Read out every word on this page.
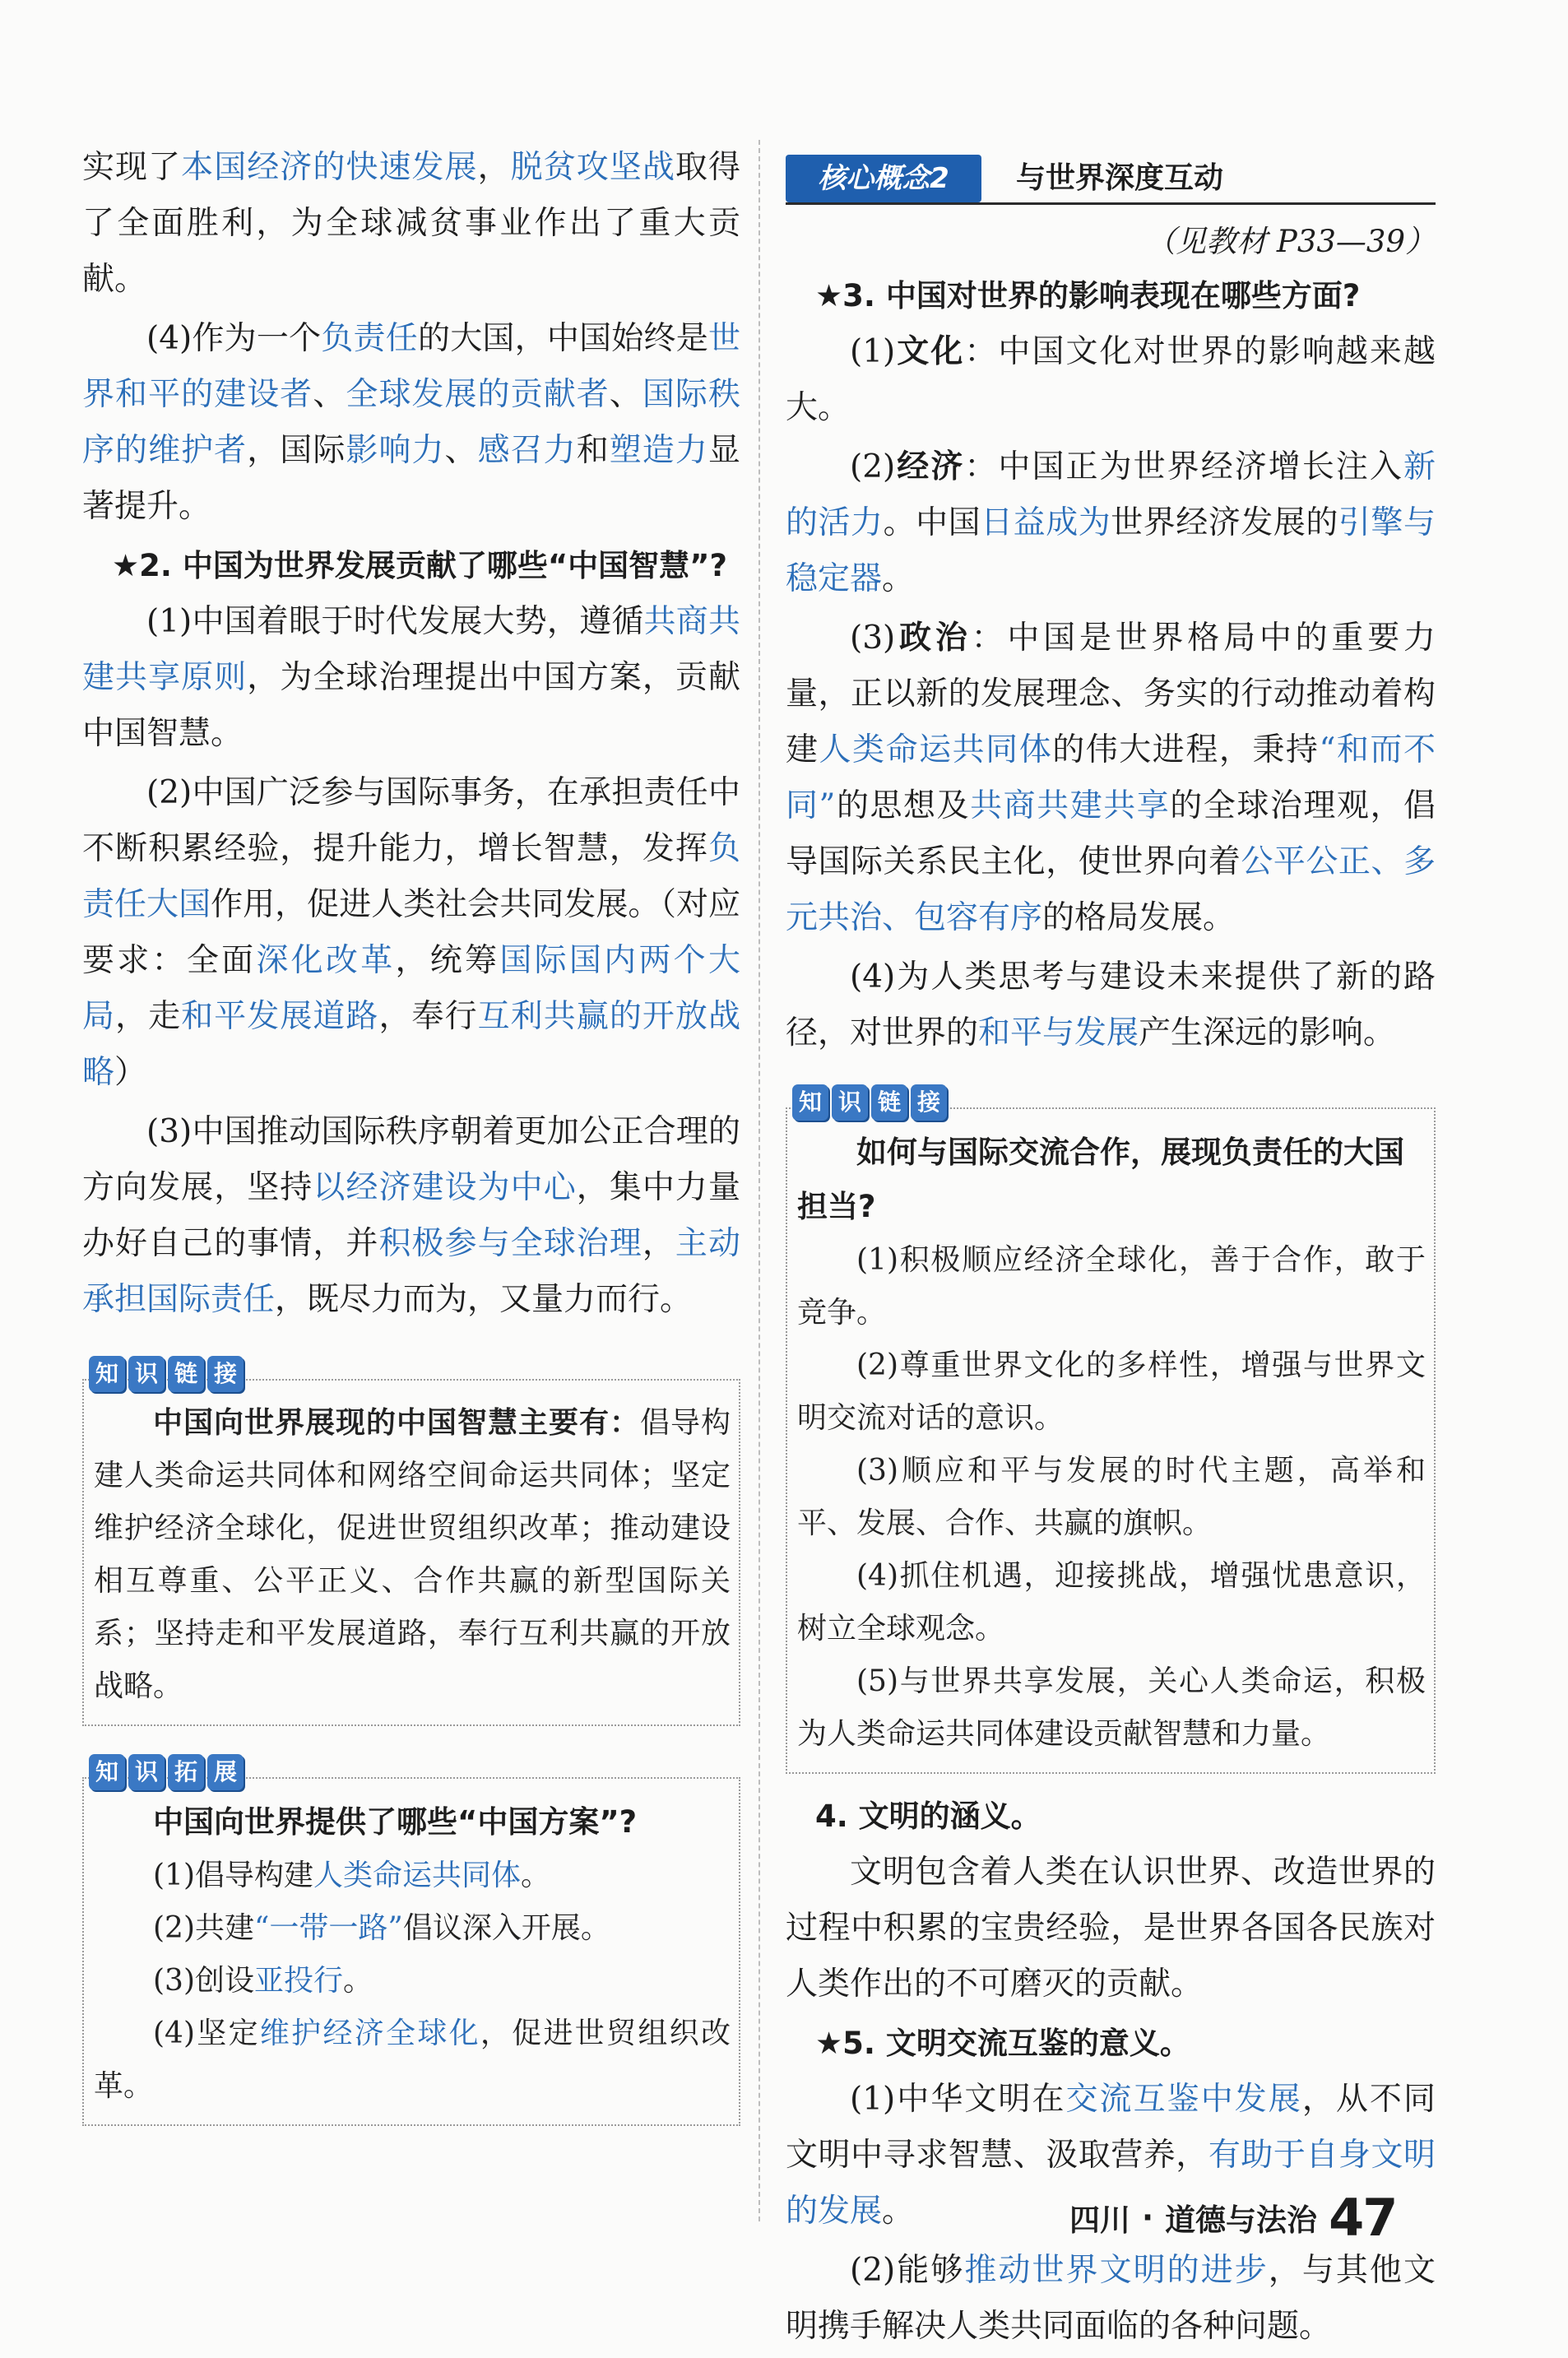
实现了本国经济的快速发展，脱贫攻坚战取得了全面胜利，为全球减贫事业作出了重大贡献。

(4)作为一个负责任的大国，中国始终是世界和平的建设者、全球发展的贡献者、国际秩序的维护者，国际影响力、感召力和塑造力显著提升。

★2. 中国为世界发展贡献了哪些“中国智慧”?

(1)中国着眼于时代发展大势，遵循共商共建共享原则，为全球治理提出中国方案，贡献中国智慧。

(2)中国广泛参与国际事务，在承担责任中不断积累经验，提升能力，增长智慧，发挥负责任大国作用，促进人类社会共同发展。（对应要求：全面深化改革，统筹国际国内两个大局，走和平发展道路，奉行互利共赢的开放战略）

(3)中国推动国际秩序朝着更加公正合理的方向发展，坚持以经济建设为中心，集中力量办好自己的事情，并积极参与全球治理，主动承担国际责任，既尽力而为，又量力而行。

知 识 链 接

中国向世界展现的中国智慧主要有：倡导构建人类命运共同体和网络空间命运共同体；坚定维护经济全球化，促进世贸组织改革；推动建设相互尊重、公平正义、合作共赢的新型国际关系；坚持走和平发展道路，奉行互利共赢的开放战略。

知 识 拓 展

中国向世界提供了哪些“中国方案”?

(1)倡导构建人类命运共同体。

(2)共建“一带一路”倡议深入开展。

(3)创设亚投行。

(4)坚定维护经济全球化，促进世贸组织改革。

核心概念2	与世界深度互动

（见教材 P33—39）

★3. 中国对世界的影响表现在哪些方面?

(1)文化：中国文化对世界的影响越来越大。

(2)经济：中国正为世界经济增长注入新的活力。中国日益成为世界经济发展的引擎与稳定器。

(3)政治：中国是世界格局中的重要力量，正以新的发展理念、务实的行动推动着构建人类命运共同体的伟大进程，秉持“和而不同”的思想及共商共建共享的全球治理观，倡导国际关系民主化，使世界向着公平公正、多元共治、包容有序的格局发展。

(4)为人类思考与建设未来提供了新的路径，对世界的和平与发展产生深远的影响。

知 识 链 接

如何与国际交流合作，展现负责任的大国担当?

(1)积极顺应经济全球化，善于合作，敢于竞争。

(2)尊重世界文化的多样性，增强与世界文明交流对话的意识。

(3)顺应和平与发展的时代主题，高举和平、发展、合作、共赢的旗帜。

(4)抓住机遇，迎接挑战，增强忧患意识，树立全球观念。

(5)与世界共享发展，关心人类命运，积极为人类命运共同体建设贡献智慧和力量。

4. 文明的涵义。

文明包含着人类在认识世界、改造世界的过程中积累的宝贵经验，是世界各国各民族对人类作出的不可磨灭的贡献。

★5. 文明交流互鉴的意义。

(1)中华文明在交流互鉴中发展，从不同文明中寻求智慧、汲取营养，有助于自身文明的发展。

(2)能够推动世界文明的进步，与其他文明携手解决人类共同面临的各种问题。

四川 · 道德与法治 47
